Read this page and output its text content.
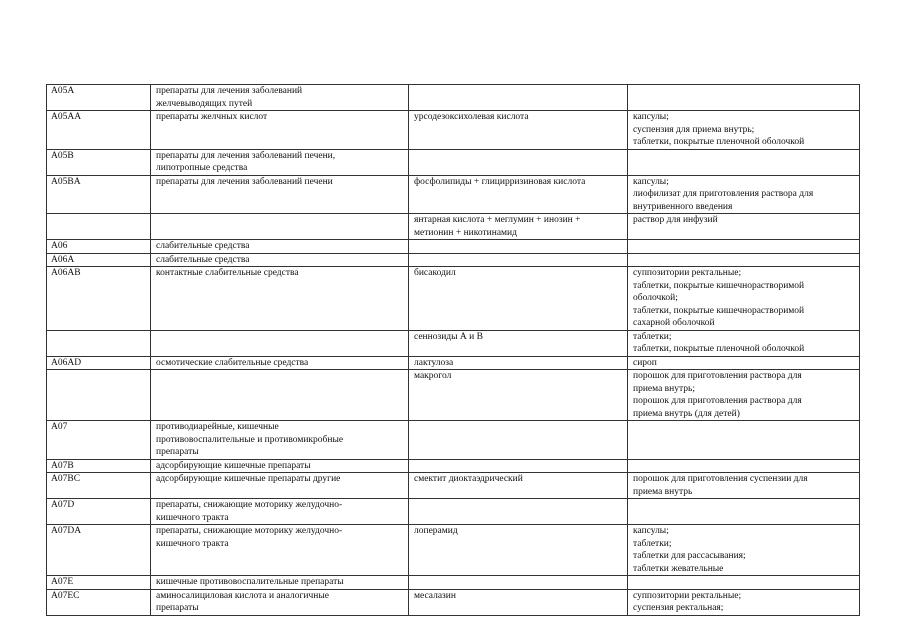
A05A	препараты для лечения заболеваний
желчевыводящих путей		
A05AA	препараты желчных кислот	урсодезоксихолевая кислота	капсулы;
суспензия для приема внутрь;
таблетки, покрытые пленочной оболочкой
A05B	препараты для лечения заболеваний печени,
липотропные средства		
A05BA	препараты для лечения заболеваний печени	фосфолипиды + глицирризиновая кислота	капсулы;
лиофилизат для приготовления раствора для
внутривенного введения
		янтарная кислота + меглумин + инозин +
метионин + никотинамид	раствор для инфузий
A06	слабительные средства		
A06A	слабительные средства		
A06AB	контактные слабительные средства	бисакодил	суппозитории ректальные;
таблетки, покрытые кишечнорастворимой
оболочкой;
таблетки, покрытые кишечнорастворимой
сахарной оболочкой
		сеннозиды А и В	таблетки;
таблетки, покрытые пленочной оболочкой
A06AD	осмотические слабительные средства	лактулоза	сироп
		макрогол	порошок для приготовления раствора для
приема внутрь;
порошок для приготовления раствора для
приема внутрь (для детей)
A07	противодиарейные, кишечные
противовоспалительные и противомикробные
препараты		
A07B	адсорбирующие кишечные препараты		
A07BC	адсорбирующие кишечные препараты другие	смектит диоктаэдрический	порошок для приготовления суспензии для
приема внутрь
A07D	препараты, снижающие моторику желудочно-
кишечного тракта		
A07DA	препараты, снижающие моторику желудочно-
кишечного тракта	лоперамид	капсулы;
таблетки;
таблетки для рассасывания;
таблетки жевательные
A07E	кишечные противовоспалительные препараты		
A07EC	аминосалициловая кислота и аналогичные
препараты	месалазин	суппозитории ректальные;
суспензия ректальная;
